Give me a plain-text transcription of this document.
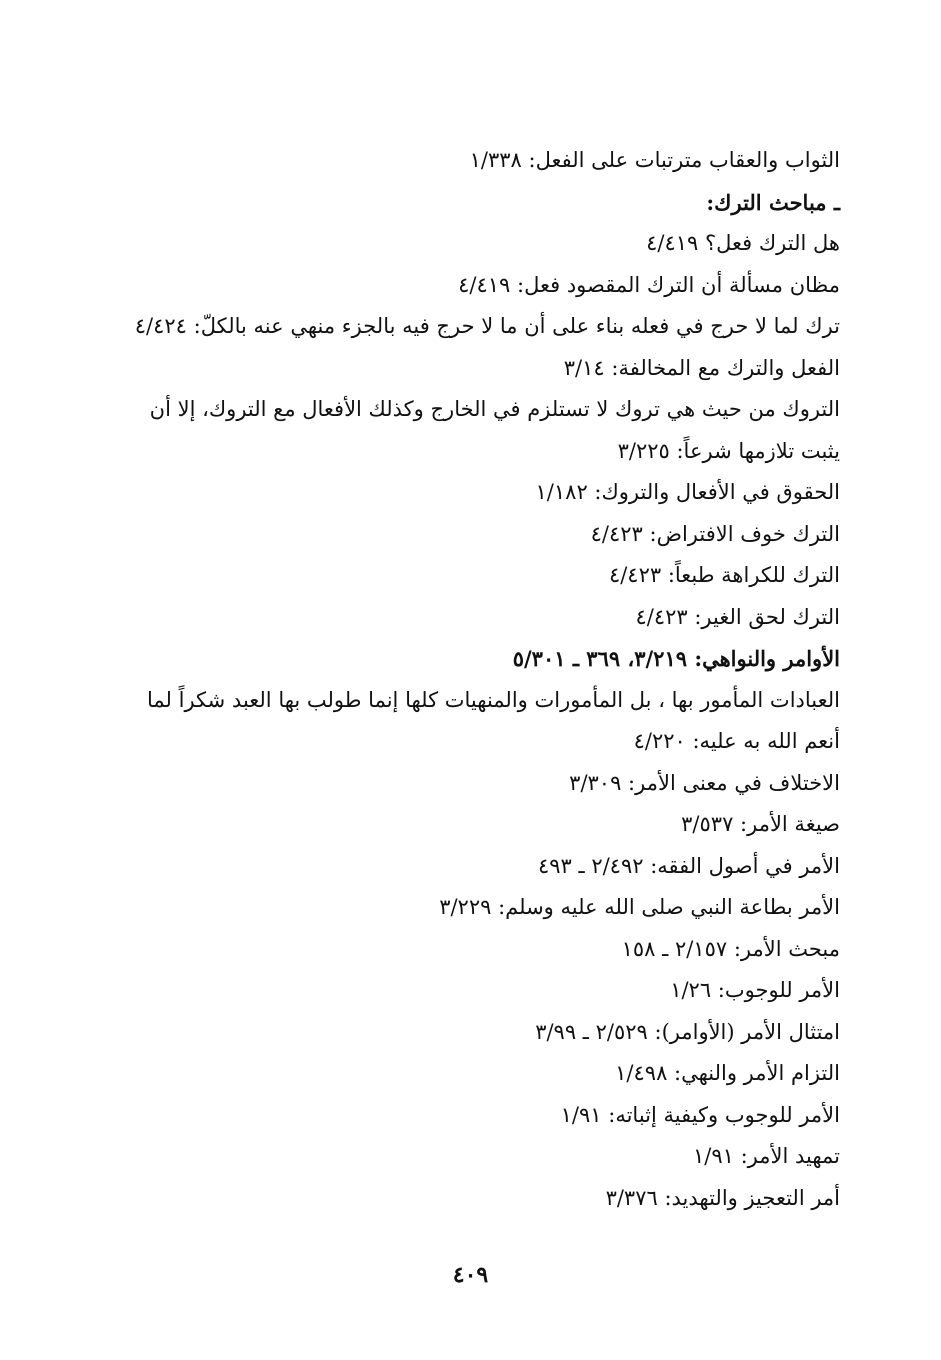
الثواب والعقاب مترتبات على الفعل: ١/٣٣٨

ـ مباحث الترك:

هل الترك فعل؟ ٤/٤١٩

مظان مسألة أن الترك المقصود فعل: ٤/٤١٩

ترك لما لا حرج في فعله بناء على أن ما لا حرج فيه بالجزء منهي عنه بالكلّ: ٤/٤٢٤

الفعل والترك مع المخالفة: ٣/١٤

التروك من حيث هي تروك لا تستلزم في الخارج وكذلك الأفعال مع التروك، إلا أن يثبت تلازمها شرعاً: ٣/٢٢٥

الحقوق في الأفعال والتروك: ١/١٨٢

الترك خوف الافتراض: ٤/٤٢٣

الترك للكراهة طبعاً: ٤/٤٢٣

الترك لحق الغير: ٤/٤٢٣

الأوامر والنواهي: ٣/٢١٩، ٣٦٩ ـ ٥/٣٠١

العبادات المأمور بها ، بل المأمورات والمنهيات كلها إنما طولب بها العبد شكراً لما أنعم الله به عليه: ٤/٢٢٠

الاختلاف في معنى الأمر: ٣/٣٠٩

صيغة الأمر: ٣/٥٣٧

الأمر في أصول الفقه: ٢/٤٩٢ ـ ٤٩٣

الأمر بطاعة النبي صلى الله عليه وسلم: ٣/٢٢٩

مبحث الأمر: ٢/١٥٧ ـ ١٥٨

الأمر للوجوب: ١/٢٦

امتثال الأمر (الأوامر): ٢/٥٢٩ ـ ٣/٩٩

التزام الأمر والنهي: ١/٤٩٨

الأمر للوجوب وكيفية إثباته: ١/٩١

تمهيد الأمر: ١/٩١

أمر التعجيز والتهديد: ٣/٣٧٦

٤٠٩
